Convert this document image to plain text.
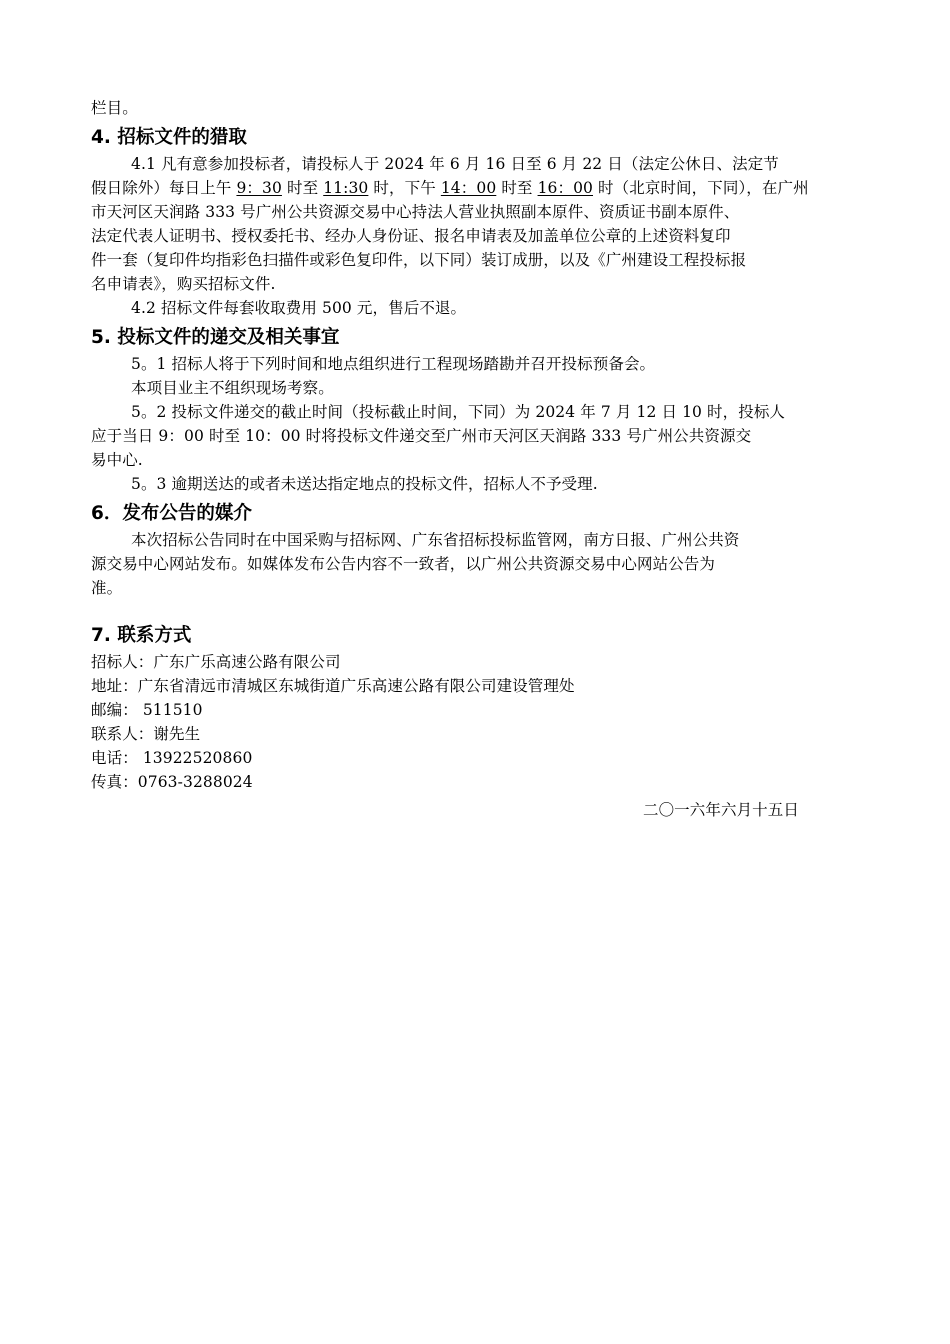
栏目。
4. 招标文件的猎取
4.1 凡有意参加投标者，请投标人于 2024 年 6 月 16 日至 6 月 22 日（法定公休日、法定节
假日除外）每日上午 9：30 时至 11:30 时，下午 14：00 时至 16：00 时（北京时间，下同），在广州
市天河区天润路 333 号广州公共资源交易中心持法人营业执照副本原件、资质证书副本原件、
法定代表人证明书、授权委托书、经办人身份证、报名申请表及加盖单位公章的上述资料复印
件一套（复印件均指彩色扫描件或彩色复印件，以下同）装订成册，以及《广州建设工程投标报
名申请表》，购买招标文件.
4.2 招标文件每套收取费用 500 元，售后不退。
5. 投标文件的递交及相关事宜
5。1 招标人将于下列时间和地点组织进行工程现场踏勘并召开投标预备会。
本项目业主不组织现场考察。
5。2 投标文件递交的截止时间（投标截止时间，下同）为 2024 年 7 月 12 日 10 时，投标人
应于当日 9：00 时至 10：00 时将投标文件递交至广州市天河区天润路 333 号广州公共资源交
易中心.
5。3 逾期送达的或者未送达指定地点的投标文件，招标人不予受理.
6．发布公告的媒介
本次招标公告同时在中国采购与招标网、广东省招标投标监管网，南方日报、广州公共资
源交易中心网站发布。如媒体发布公告内容不一致者，以广州公共资源交易中心网站公告为
准。
7. 联系方式
招标人：广东广乐高速公路有限公司
地址：广东省清远市清城区东城街道广乐高速公路有限公司建设管理处
邮编： 511510
联系人：谢先生
电话： 13922520860
传真：0763-3288024
二〇一六年六月十五日
